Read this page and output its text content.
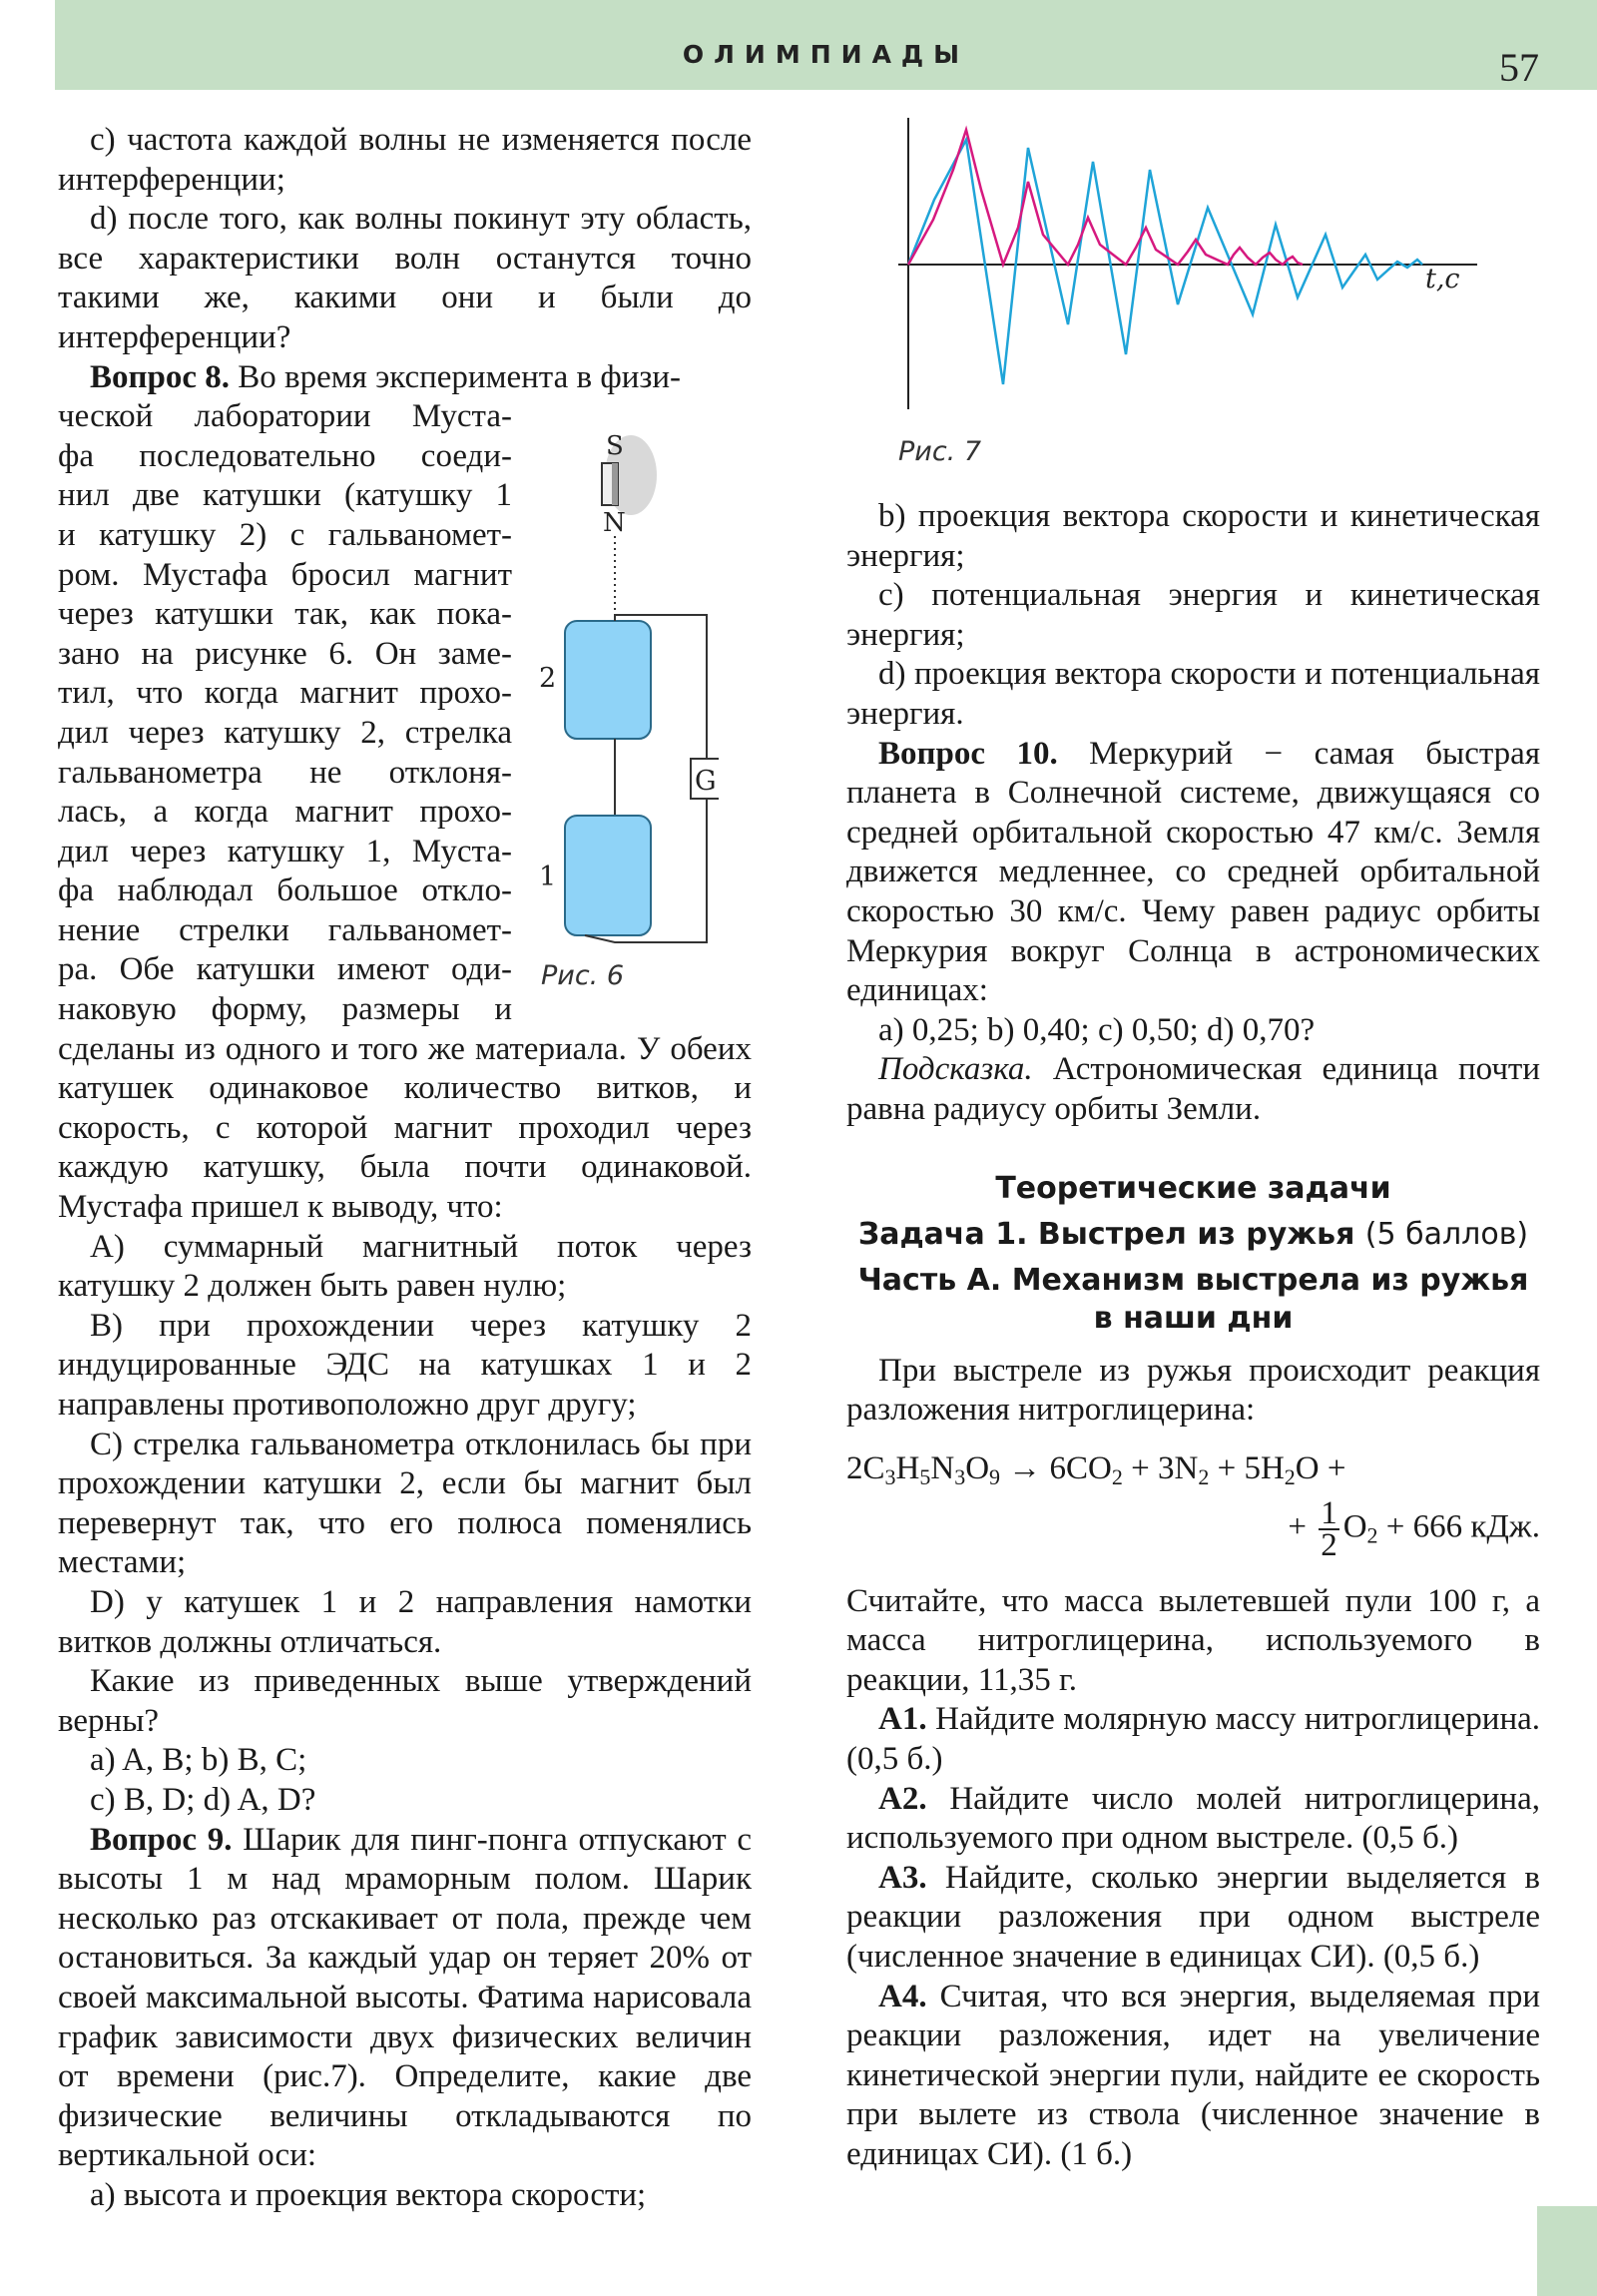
ОЛИМПИАДЫ	57

c) частота каждой волны не изменяется после интерференции;

d) после того, как волны покинут эту область, все характеристики волн останутся точно такими же, какими они и были до интерференции?

Вопрос 8. Во время эксперимента в физи-

ческой лаборатории Муста-
фа последовательно соеди-
нил две катушки (катушку 1
и катушку 2) с гальваномет-
ром. Мустафа бросил магнит
через катушки так, как пока-
зано на рисунке 6. Он заме-
тил, что когда магнит прохо-
дил через катушку 2, стрелка
гальванометра не отклоня-
лась, а когда магнит прохо-
дил через катушку 1, Муста-
фа наблюдал большое откло-
нение стрелки гальваномет-
ра. Обе катушки имеют оди-
наковую форму, размеры и

сделаны из одного и того же материала. У обеих катушек одинаковое количество витков, и скорость, с которой магнит проходил через каждую катушку, была почти одинаковой. Мустафа пришел к выводу, что:

A) суммарный магнитный поток через катушку 2 должен быть равен нулю;

B) при прохождении через катушку 2 индуцированные ЭДС на катушках 1 и 2 направлены противоположно друг другу;

C) стрелка гальванометра отклонилась бы при прохождении катушки 2, если бы магнит был перевернут так, что его полюса поменялись местами;

D) у катушек 1 и 2 направления намотки витков должны отличаться.

Какие из приведенных выше утверждений верны?

a) A, B; b) B, C;

c) B, D; d) A, D?

Вопрос 9. Шарик для пинг-понга отпускают с высоты 1 м над мраморным полом. Шарик несколько раз отскакивает от пола, прежде чем остановиться. За каждый удар он теряет 20% от своей максимальной высоты. Фатима нарисовала график зависимости двух физических величин от времени (рис.7). Определите, какие две физические величины откладываются по вертикальной оси:

a) высота и проекция вектора скорости;

S
N
2
1
G
Рис. 6
t,c
Рис. 7

b) проекция вектора скорости и кинетическая энергия;

c) потенциальная энергия и кинетическая энергия;

d) проекция вектора скорости и потенциальная энергия.

Вопрос 10. Меркурий − самая быстрая планета в Солнечной системе, движущаяся со средней орбитальной скоростью 47 км/с. Земля движется медленнее, со средней орбитальной скоростью 30 км/с. Чему равен радиус орбиты Меркурия вокруг Солнца в астрономических единицах:

a) 0,25; b) 0,40; c) 0,50; d) 0,70?

Подсказка. Астрономическая единица почти равна радиусу орбиты Земли.

Теоретические задачи
Задача 1. Выстрел из ружья (5 баллов)
Часть А. Механизм выстрела из ружья
в наши дни

При выстреле из ружья происходит реакция разложения нитроглицерина:

$2C_3H_5N_3O_9 \to 6CO_2 + 3N_2 + 5H_2O$ +
+ $\frac{1}{2} O_2 + 666$ кДж.

Считайте, что масса вылетевшей пули 100 г, а масса нитроглицерина, используемого в реакции, 11,35 г.

A1. Найдите молярную массу нитроглицерина. (0,5 б.)

A2. Найдите число молей нитроглицерина, используемого при одном выстреле. (0,5 б.)

A3. Найдите, сколько энергии выделяется в реакции разложения при одном выстреле (численное значение в единицах СИ). (0,5 б.)

A4. Считая, что вся энергия, выделяемая при реакции разложения, идет на увеличение кинетической энергии пули, найдите ее скорость при вылете из ствола (численное значение в единицах СИ). (1 б.)
